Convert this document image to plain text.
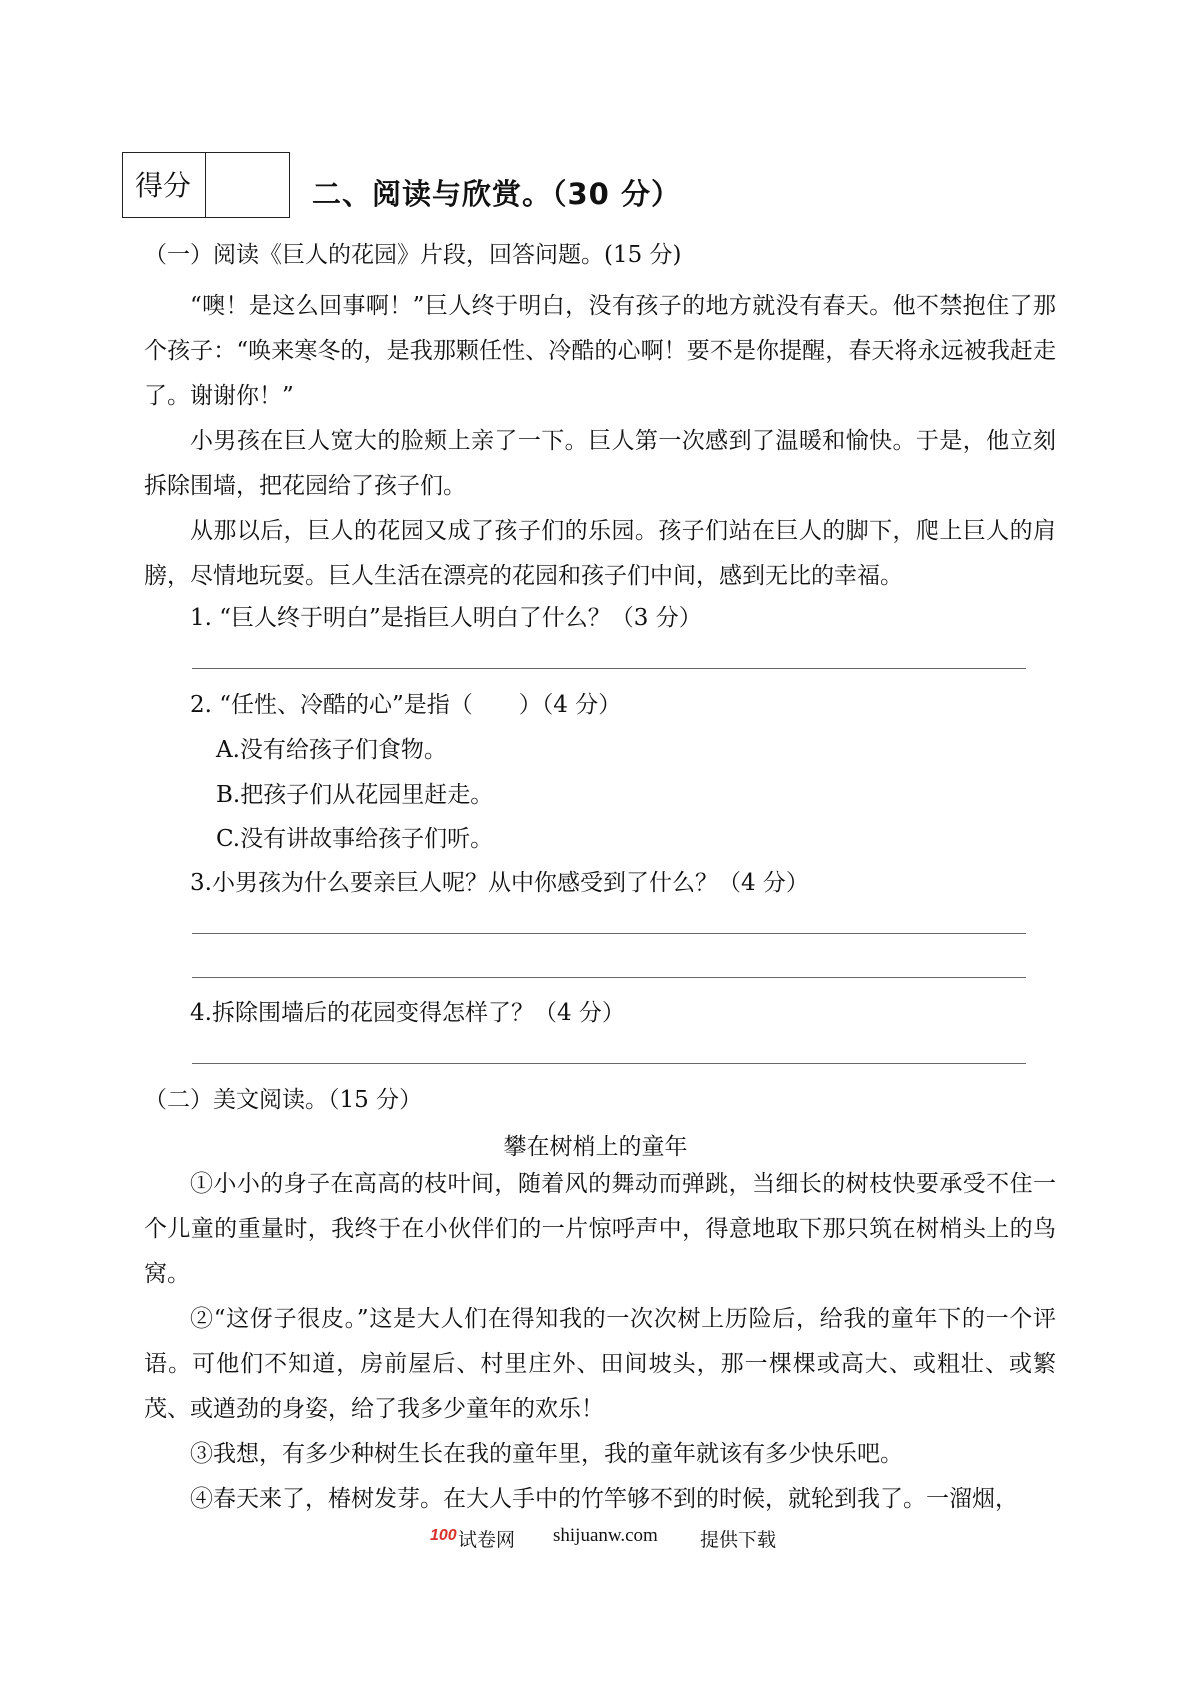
得分	二、阅读与欣赏。（30 分）
（一）阅读《巨人的花园》片段，回答问题。(15 分)
“噢！是这么回事啊！”巨人终于明白，没有孩子的地方就没有春天。他不禁抱住了那个孩子：“唤来寒冬的，是我那颗任性、冷酷的心啊！要不是你提醒，春天将永远被我赶走了。谢谢你！”
小男孩在巨人宽大的脸颊上亲了一下。巨人第一次感到了温暖和愉快。于是，他立刻拆除围墙，把花园给了孩子们。
从那以后，巨人的花园又成了孩子们的乐园。孩子们站在巨人的脚下，爬上巨人的肩膀，尽情地玩耍。巨人生活在漂亮的花园和孩子们中间，感到无比的幸福。
1. “巨人终于明白”是指巨人明白了什么？（3 分）
2. “任性、冷酷的心”是指（　　）（4 分）
A.没有给孩子们食物。
B.把孩子们从花园里赶走。
C.没有讲故事给孩子们听。
3.小男孩为什么要亲巨人呢？从中你感受到了什么？（4 分）
4.拆除围墙后的花园变得怎样了？（4 分）
（二）美文阅读。（15 分）
攀在树梢上的童年
①小小的身子在高高的枝叶间，随着风的舞动而弹跳，当细长的树枝快要承受不住一个儿童的重量时，我终于在小伙伴们的一片惊呼声中，得意地取下那只筑在树梢头上的鸟窝。
②“这伢子很皮。”这是大人们在得知我的一次次树上历险后，给我的童年下的一个评语。可他们不知道，房前屋后、村里庄外、田间坡头，那一棵棵或高大、或粗壮、或繁茂、或遒劲的身姿，给了我多少童年的欢乐！
③我想，有多少种树生长在我的童年里，我的童年就该有多少快乐吧。
④春天来了，椿树发芽。在大人手中的竹竿够不到的时候，就轮到我了。一溜烟，
100 试卷网 shijuanw.com 提供下载
